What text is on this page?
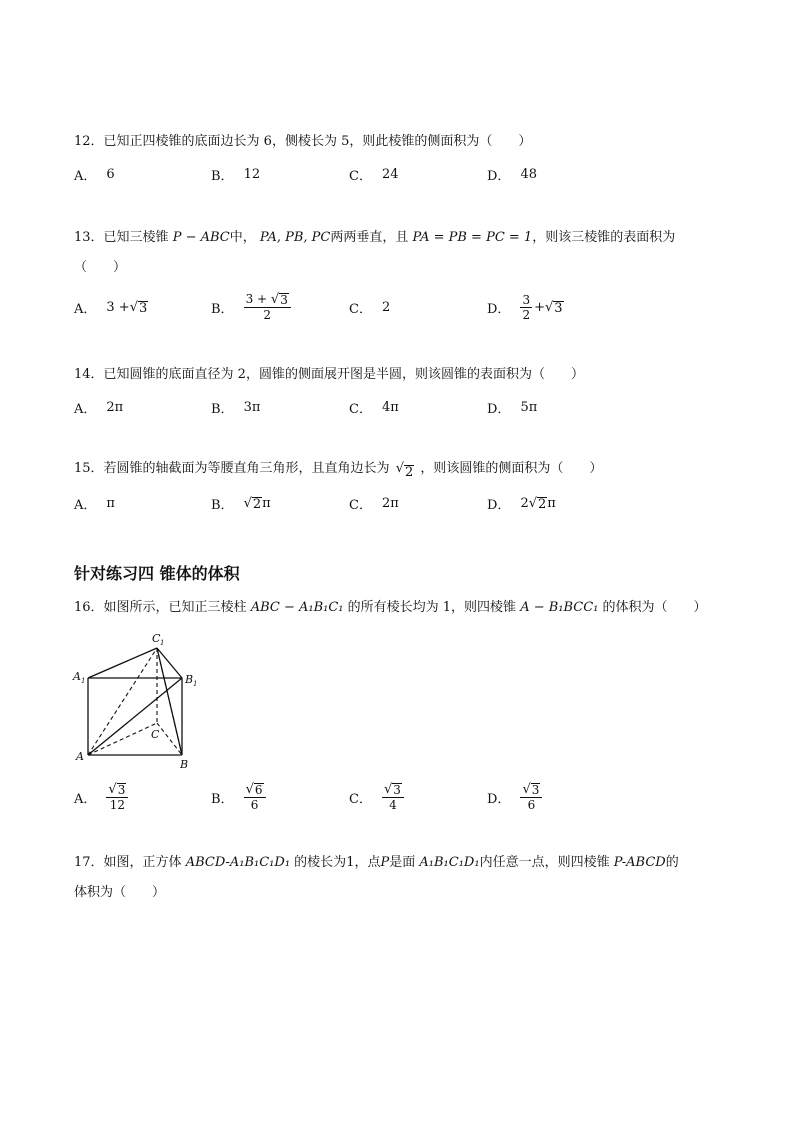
12．已知正四棱锥的底面边长为 6，侧棱长为 5，则此棱锥的侧面积为（　　）
A． 6	B． 12	C． 24	D． 48
13．已知三棱锥 P − ABC中， PA, PB, PC两两垂直，且 PA = PB = PC = 1，则该三棱锥的表面积为
（　　）
A． 3 + √ 3	B． $\frac{3 + √ 3}{2}$	C． 2	D． $\frac{3}{2}$ + √ 3
14．已知圆锥的底面直径为 2，圆锥的侧面展开图是半圆，则该圆锥的表面积为（　　）
A． 2π	B． 3π	C． 4π	D． 5π
15．若圆锥的轴截面为等腰直角三角形，且直角边长为 √ 2 ，则该圆锥的侧面积为（　　）
A． π	B． √ 2 π	C． 2π	D． 2 √ 2 π
针对练习四 锥体的体积
16．如图所示，已知正三棱柱 ABC − A₁B₁C₁ 的所有棱长均为 1，则四棱锥 A − B₁BCC₁ 的体积为（　　）
C 1
A 1	B 1
C
A
B
A． $\frac{√ 3}{12}$	B． $\frac{√ 6}{6}$	C． $\frac{√ 3}{4}$	D． $\frac{√ 3}{6}$
17．如图，正方体 ABCD-A₁B₁C₁D₁ 的棱长为1，点P是面 A₁B₁C₁D₁内任意一点，则四棱锥 P-ABCD的
体积为（　　）
